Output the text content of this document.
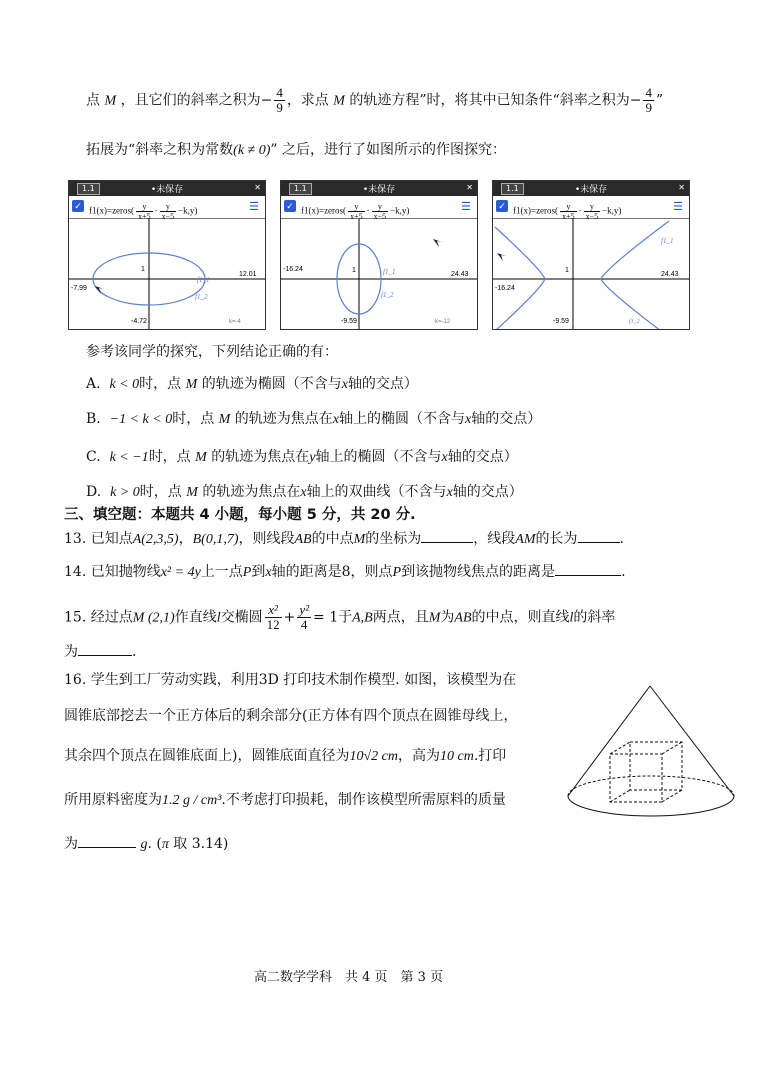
点 M ，且它们的斜率之积为− $\frac{4}{9}$ ，求点 M 的轨迹方程”时，将其中已知条件“斜率之积为− $\frac{4}{9}$ ”
拓展为“斜率之积为常数(k ≠ 0)” 之后，进行了如图所示的作图探究：
1.1	•未保存	✕
✓ f1(x)=zeros( $\frac{y}{x+5} \cdot \frac{y}{x-5} -k,y$)	☰
-7.99
12.01
-4.72
1
f1_1
f1_2
k=-4
1.1	•未保存	✕
✓ f1(x)=zeros( $\frac{y}{x+5} \cdot \frac{y}{x-5} -k,y$)	☰
-16.24
24.43
-9.59
1	f1_1
f1_2
k=-12
1.1	•未保存	✕
✓ f1(x)=zeros( $\frac{y}{x+5} \cdot \frac{y}{x-5} -k,y$)	☰
-16.24
24.43
-9.59
1
f1_1
f1_2
参考该同学的探究，下列结论正确的有：
A. k < 0时，点 M 的轨迹为椭圆（不含与x轴的交点）
B. −1 < k < 0时，点 M 的轨迹为焦点在x轴上的椭圆（不含与x轴的交点）
C. k < −1时，点 M 的轨迹为焦点在y轴上的椭圆（不含与x轴的交点）
D. k > 0时，点 M 的轨迹为焦点在x轴上的双曲线（不含与x轴的交点）
三、填空题：本题共 4 小题，每小题 5 分，共 20 分.
13. 已知点A(2,3,5)，B(0,1,7)，则线段AB的中点M的坐标为	，线段AM的长为	.
14. 已知抛物线x² = 4y上一点P到x轴的距离是8，则点P到该抛物线焦点的距离是	.
15. 经过点M (2,1)作直线l交椭圆 $\frac{\text{x²}}{12} + \frac{\text{y²}}{4} = 1$于A,B两点，且M为AB的中点，则直线l的斜率
为	.
16. 学生到工厂劳动实践，利用3D 打印技术制作模型. 如图，该模型为在
圆锥底部挖去一个正方体后的剩余部分(正方体有四个顶点在圆锥母线上，
其余四个顶点在圆锥底面上)，圆锥底面直径为10√2 cm，高为10 cm.打印
所用原料密度为1.2 g / cm³.不考虑打印损耗，制作该模型所需原料的质量
为	g. (π 取 3.14)
高二数学学科　共 4 页　第 3 页
